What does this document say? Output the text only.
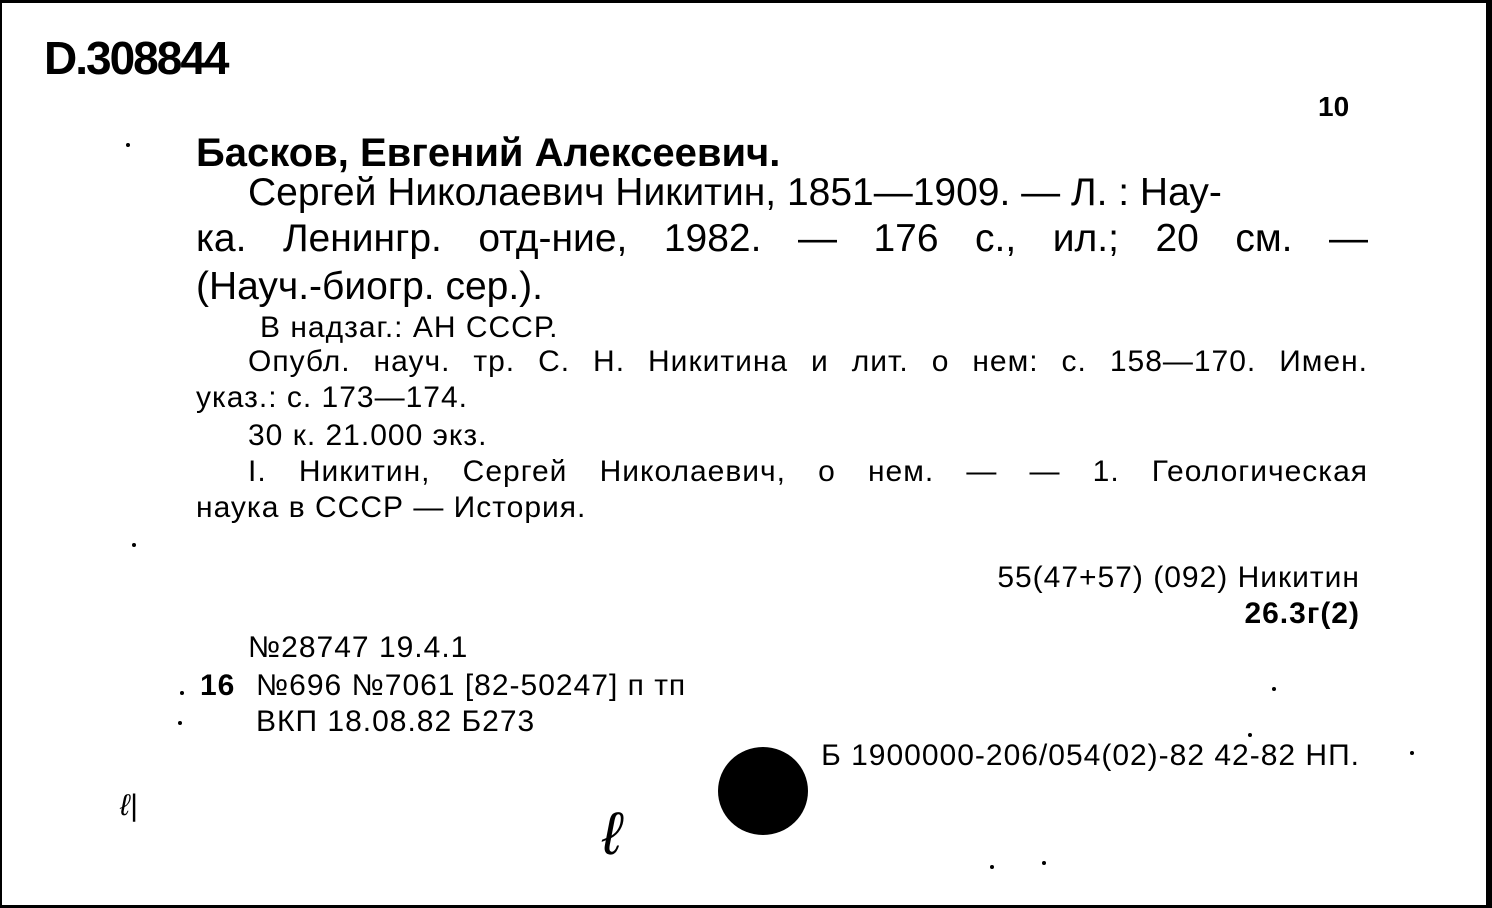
D.308844
10
Басков, Евгений Алексеевич.
Сергей Николаевич Никитин, 1851—1909. — Л. : Нау-
ка. Ленингр. отд-ние, 1982. — 176 с., ил.; 20 см. —
(Науч.-биогр. сер.).
В надзаг.: АН СССР.
Опубл. науч. тр. С. Н. Никитина и лит. о нем: с. 158—170. Имен.
указ.: с. 173—174.
30 к. 21.000 экз.
I. Никитин, Сергей Николаевич, о нем. — — 1. Геологическая
наука в СССР — История.
55(47+57) (092) Никитин
26.3г(2)
№28747 19.4.1
16 №696 №7061 [82-50247] п тп
ВКП 18.08.82 Б273
Б 1900000-206/054(02)-82 42-82 НП.
ℓ|	ℓ
